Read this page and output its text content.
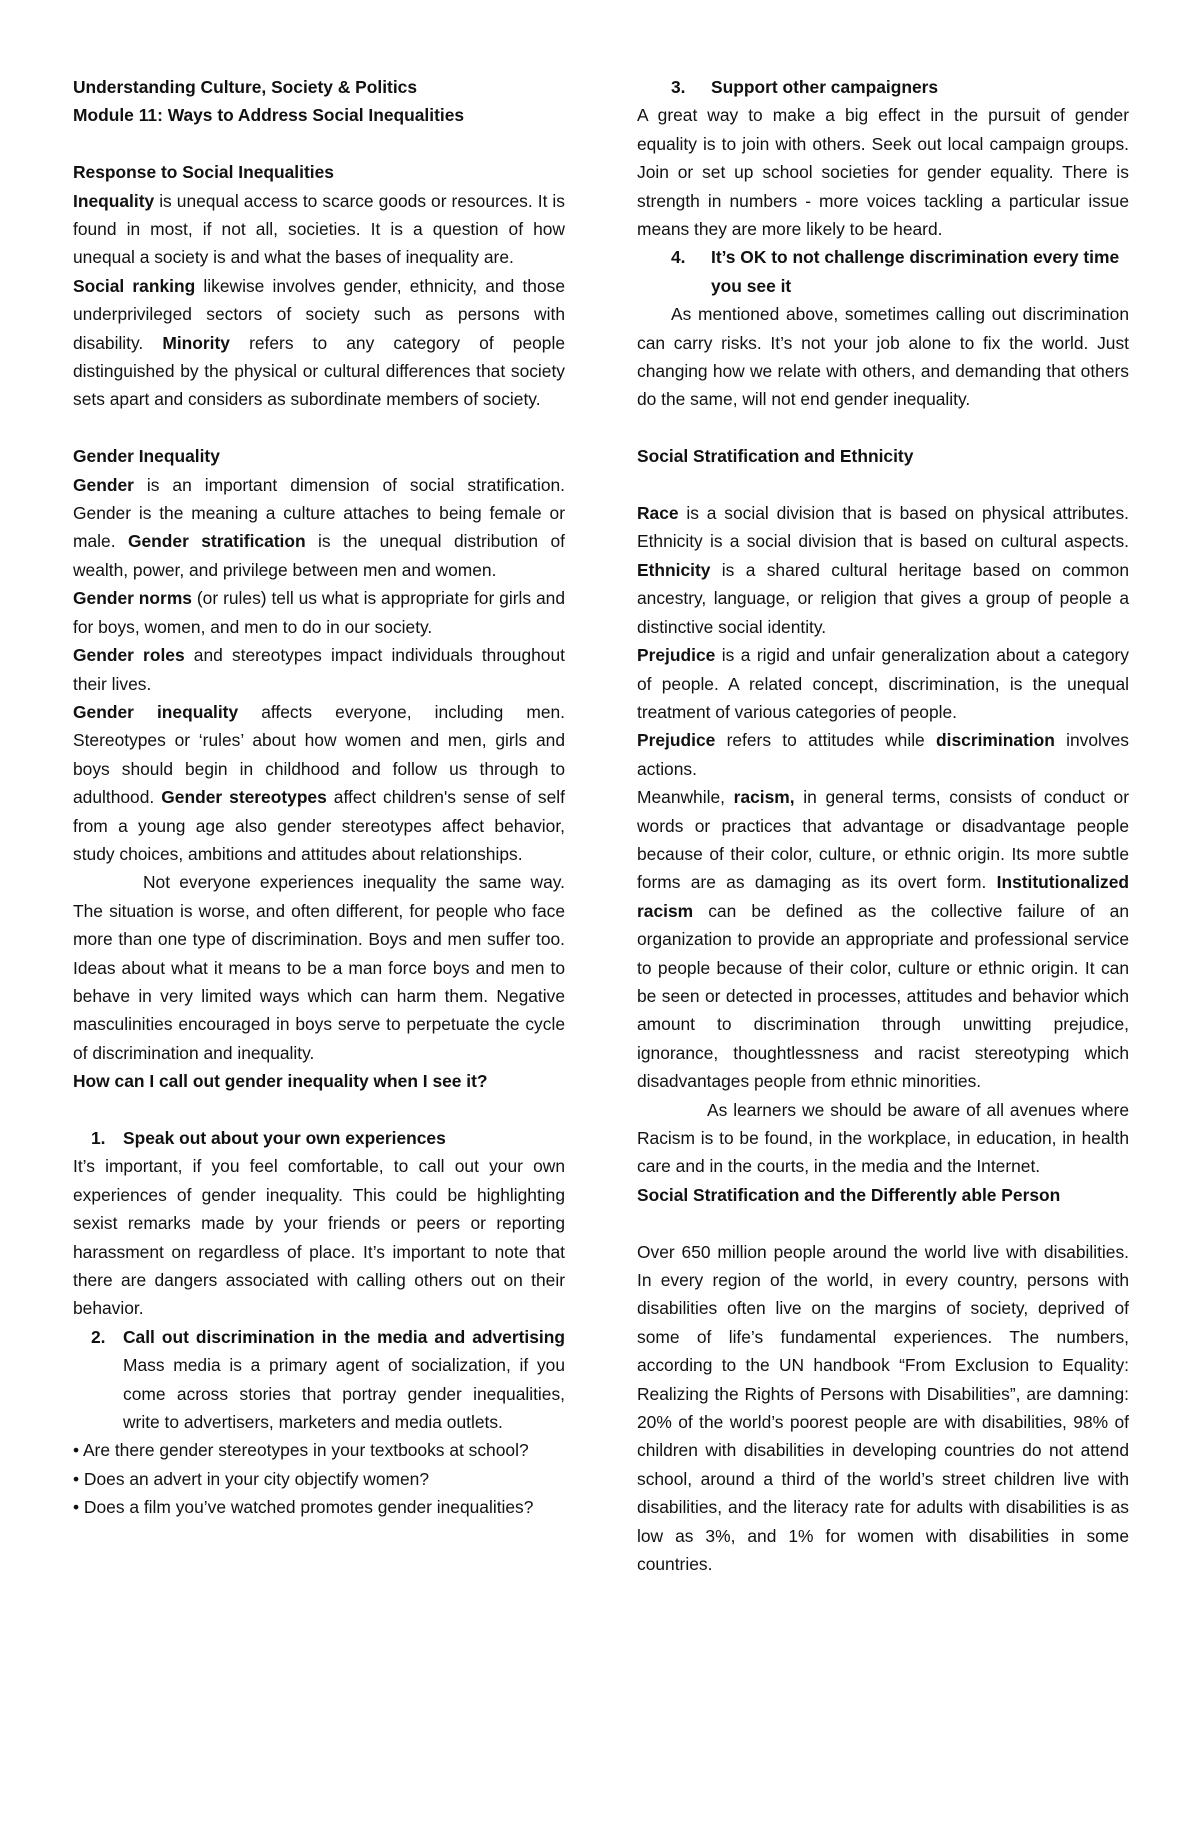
Understanding Culture, Society & Politics

Module 11: Ways to Address Social Inequalities

Response to Social Inequalities

Inequality is unequal access to scarce goods or resources. It is found in most, if not all, societies. It is a question of how unequal a society is and what the bases of inequality are.

Social ranking likewise involves gender, ethnicity, and those underprivileged sectors of society such as persons with disability. Minority refers to any category of people distinguished by the physical or cultural differences that society sets apart and considers as subordinate members of society.

Gender Inequality

Gender is an important dimension of social stratification. Gender is the meaning a culture attaches to being female or male. Gender stratification is the unequal distribution of wealth, power, and privilege between men and women.

Gender norms (or rules) tell us what is appropriate for girls and for boys, women, and men to do in our society.

Gender roles and stereotypes impact individuals throughout their lives.

Gender inequality affects everyone, including men. Stereotypes or ‘rules’ about how women and men, girls and boys should begin in childhood and follow us through to adulthood. Gender stereotypes affect children's sense of self from a young age also gender stereotypes affect behavior, study choices, ambitions and attitudes about relationships.

Not everyone experiences inequality the same way. The situation is worse, and often different, for people who face more than one type of discrimination. Boys and men suffer too. Ideas about what it means to be a man force boys and men to behave in very limited ways which can harm them. Negative masculinities encouraged in boys serve to perpetuate the cycle of discrimination and inequality.

How can I call out gender inequality when I see it?

1.	Speak out about your own experiences

It’s important, if you feel comfortable, to call out your own experiences of gender inequality. This could be highlighting sexist remarks made by your friends or peers or reporting harassment on regardless of place. It’s important to note that there are dangers associated with calling others out on their behavior.

2.	Call out discrimination in the media and advertising Mass media is a primary agent of socialization, if you come across stories that portray gender inequalities, write to advertisers, marketers and media outlets.

• Are there gender stereotypes in your textbooks at school?

• Does an advert in your city objectify women?

• Does a film you’ve watched promotes gender inequalities?

3.	Support other campaigners

A great way to make a big effect in the pursuit of gender equality is to join with others. Seek out local campaign groups. Join or set up school societies for gender equality. There is strength in numbers - more voices tackling a particular issue means they are more likely to be heard.

4.	It’s OK to not challenge discrimination every time you see it

As mentioned above, sometimes calling out discrimination can carry risks. It’s not your job alone to fix the world. Just changing how we relate with others, and demanding that others do the same, will not end gender inequality.

Social Stratification and Ethnicity

Race is a social division that is based on physical attributes. Ethnicity is a social division that is based on cultural aspects. Ethnicity is a shared cultural heritage based on common ancestry, language, or religion that gives a group of people a distinctive social identity.

Prejudice is a rigid and unfair generalization about a category of people. A related concept, discrimination, is the unequal treatment of various categories of people.

Prejudice refers to attitudes while discrimination involves actions.

Meanwhile, racism, in general terms, consists of conduct or words or practices that advantage or disadvantage people because of their color, culture, or ethnic origin. Its more subtle forms are as damaging as its overt form. Institutionalized racism can be defined as the collective failure of an organization to provide an appropriate and professional service to people because of their color, culture or ethnic origin. It can be seen or detected in processes, attitudes and behavior which amount to discrimination through unwitting prejudice, ignorance, thoughtlessness and racist stereotyping which disadvantages people from ethnic minorities.

As learners we should be aware of all avenues where Racism is to be found, in the workplace, in education, in health care and in the courts, in the media and the Internet.

Social Stratification and the Differently able Person

Over 650 million people around the world live with disabilities. In every region of the world, in every country, persons with disabilities often live on the margins of society, deprived of some of life’s fundamental experiences. The numbers, according to the UN handbook “From Exclusion to Equality: Realizing the Rights of Persons with Disabilities”, are damning: 20% of the world’s poorest people are with disabilities, 98% of children with disabilities in developing countries do not attend school, around a third of the world’s street children live with disabilities, and the literacy rate for adults with disabilities is as low as 3%, and 1% for women with disabilities in some countries.
